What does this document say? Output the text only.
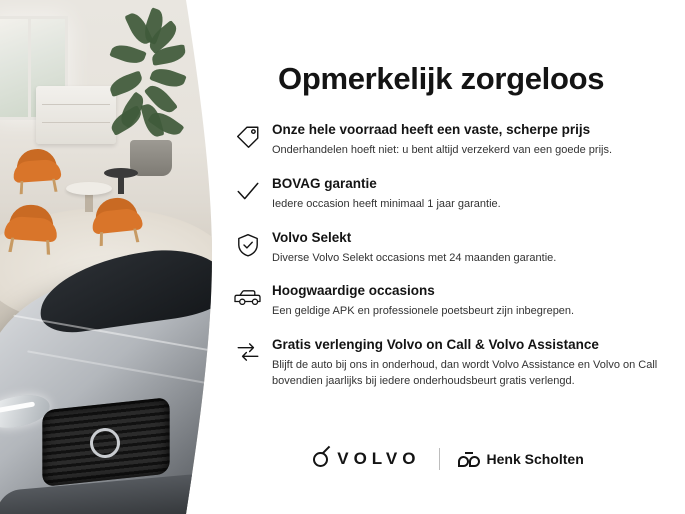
Opmerkelijk zorgeloos
Onze hele voorraad heeft een vaste, scherpe prijs
Onderhandelen hoeft niet: u bent altijd verzekerd van een goede prijs.
BOVAG garantie
Iedere occasion heeft minimaal 1 jaar garantie.
Volvo Selekt
Diverse Volvo Selekt occasions met 24 maanden garantie.
Hoogwaardige occasions
Een geldige APK en professionele poetsbeurt zijn inbegrepen.
Gratis verlenging Volvo on Call & Volvo Assistance
Blijft de auto bij ons in onderhoud, dan wordt Volvo Assistance en Volvo on Call bovendien jaarlijks bij iedere onderhoudsbeurt gratis verlengd.
VOLVO	Henk Scholten
